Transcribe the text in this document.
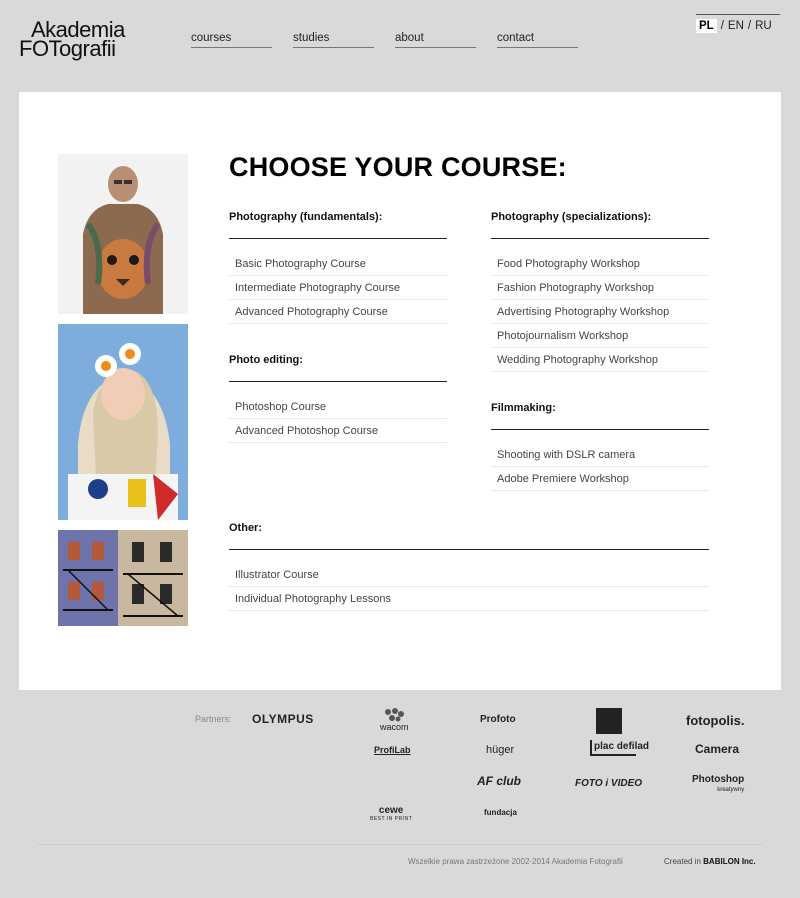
Akademia
FOTografii	courses	studies	about	contact
PL / EN / RU
CHOOSE YOUR COURSE:
Photography (fundamentals):
Basic Photography Course
Intermediate Photography Course
Advanced Photography Course
Photo editing:
Photoshop Course
Advanced Photoshop Course
Photography (specializations):
Food Photography Workshop
Fashion Photography Workshop
Advertising Photography Workshop
Photojournalism Workshop
Wedding Photography Workshop
Filmmaking:
Shooting with DSLR camera
Adobe Premiere Workshop
Other:
Illustrator Course
Individual Photography Lessons
Partners: OLYMPUS
wacom
Profoto	fotopolis.
ProfiLab	hüger	plac defilad	Camera
AF club	FOTO i VIDEO	Photoshop
kreatywny
cewe
BEST IN PRINT
fundacja
Wszelkie prawa zastrzeżone 2002-2014 Akademia Fotografii	Created in BABILON Inc.
